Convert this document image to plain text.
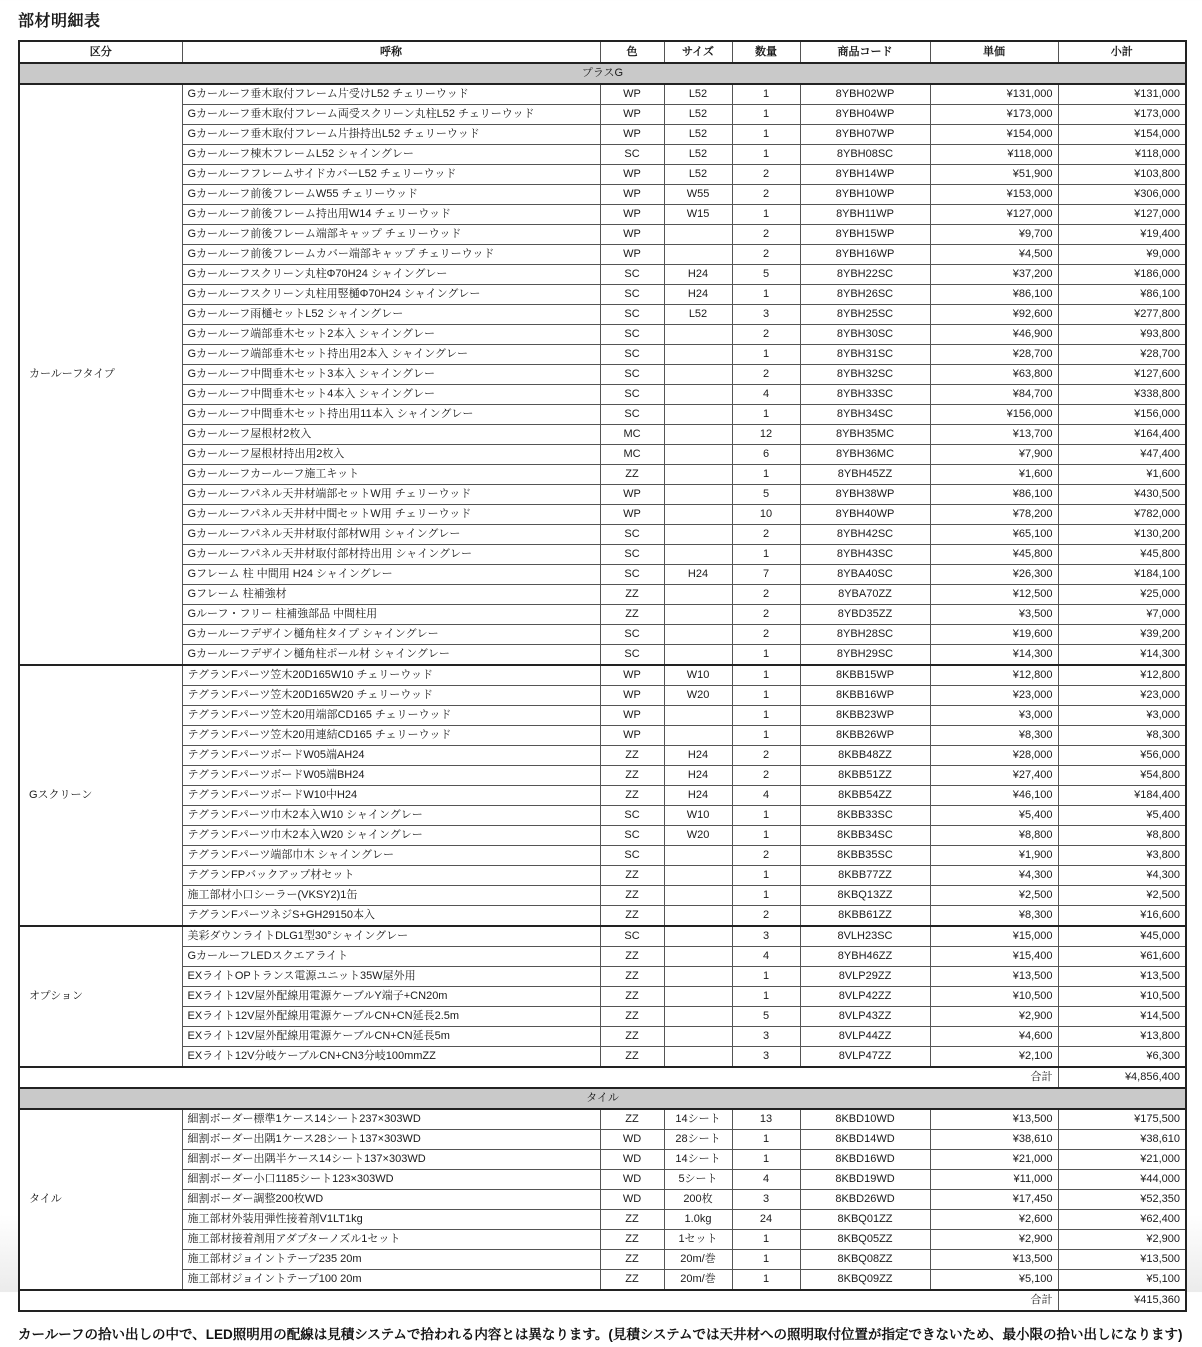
部材明細表
区分	呼称	色	サイズ	数量	商品コード	単価	小計
プラスG							
カールーフタイプ	Gカールーフ垂木取付フレーム片受けL52 チェリーウッド	WP	L52	1	8YBH02WP	¥131,000	¥131,000
	Gカールーフ垂木取付フレーム両受スクリーン丸柱L52 チェリーウッド	WP	L52	1	8YBH04WP	¥173,000	¥173,000
	Gカールーフ垂木取付フレーム片掛持出L52 チェリーウッド	WP	L52	1	8YBH07WP	¥154,000	¥154,000
	Gカールーフ棟木フレームL52 シャイングレー	SC	L52	1	8YBH08SC	¥118,000	¥118,000
	GカールーフフレームサイドカバーL52 チェリーウッド	WP	L52	2	8YBH14WP	¥51,900	¥103,800
	Gカールーフ前後フレームW55 チェリーウッド	WP	W55	2	8YBH10WP	¥153,000	¥306,000
	Gカールーフ前後フレーム持出用W14 チェリーウッド	WP	W15	1	8YBH11WP	¥127,000	¥127,000
	Gカールーフ前後フレーム端部キャップ チェリーウッド	WP		2	8YBH15WP	¥9,700	¥19,400
	Gカールーフ前後フレームカバー端部キャップ チェリーウッド	WP		2	8YBH16WP	¥4,500	¥9,000
	Gカールーフスクリーン丸柱Φ70H24 シャイングレー	SC	H24	5	8YBH22SC	¥37,200	¥186,000
	Gカールーフスクリーン丸柱用竪樋Φ70H24 シャイングレー	SC	H24	1	8YBH26SC	¥86,100	¥86,100
	Gカールーフ雨樋セットL52 シャイングレー	SC	L52	3	8YBH25SC	¥92,600	¥277,800
	Gカールーフ端部垂木セット2本入 シャイングレー	SC		2	8YBH30SC	¥46,900	¥93,800
	Gカールーフ端部垂木セット持出用2本入 シャイングレー	SC		1	8YBH31SC	¥28,700	¥28,700
	Gカールーフ中間垂木セット3本入 シャイングレー	SC		2	8YBH32SC	¥63,800	¥127,600
	Gカールーフ中間垂木セット4本入 シャイングレー	SC		4	8YBH33SC	¥84,700	¥338,800
	Gカールーフ中間垂木セット持出用11本入 シャイングレー	SC		1	8YBH34SC	¥156,000	¥156,000
	Gカールーフ屋根材2枚入	MC		12	8YBH35MC	¥13,700	¥164,400
	Gカールーフ屋根材持出用2枚入	MC		6	8YBH36MC	¥7,900	¥47,400
	Gカールーフカールーフ施工キット	ZZ		1	8YBH45ZZ	¥1,600	¥1,600
	Gカールーフパネル天井材端部セットW用 チェリーウッド	WP		5	8YBH38WP	¥86,100	¥430,500
	Gカールーフパネル天井材中間セットW用 チェリーウッド	WP		10	8YBH40WP	¥78,200	¥782,000
	Gカールーフパネル天井材取付部材W用 シャイングレー	SC		2	8YBH42SC	¥65,100	¥130,200
	Gカールーフパネル天井材取付部材持出用 シャイングレー	SC		1	8YBH43SC	¥45,800	¥45,800
	Gフレーム 柱 中間用 H24 シャイングレー	SC	H24	7	8YBA40SC	¥26,300	¥184,100
	Gフレーム 柱補強材	ZZ		2	8YBA70ZZ	¥12,500	¥25,000
	Gルーフ・フリー 柱補強部品 中間柱用	ZZ		2	8YBD35ZZ	¥3,500	¥7,000
	Gカールーフデザイン樋角柱タイプ シャイングレー	SC		2	8YBH28SC	¥19,600	¥39,200
	Gカールーフデザイン樋角柱ポール材 シャイングレー	SC		1	8YBH29SC	¥14,300	¥14,300
Gスクリーン	テグランFパーツ笠木20D165W10 チェリーウッド	WP	W10	1	8KBB15WP	¥12,800	¥12,800
	テグランFパーツ笠木20D165W20 チェリーウッド	WP	W20	1	8KBB16WP	¥23,000	¥23,000
	テグランFパーツ笠木20用端部CD165 チェリーウッド	WP		1	8KBB23WP	¥3,000	¥3,000
	テグランFパーツ笠木20用連結CD165 チェリーウッド	WP		1	8KBB26WP	¥8,300	¥8,300
	テグランFパーツボードW05端AH24	ZZ	H24	2	8KBB48ZZ	¥28,000	¥56,000
	テグランFパーツボードW05端BH24	ZZ	H24	2	8KBB51ZZ	¥27,400	¥54,800
	テグランFパーツボードW10中H24	ZZ	H24	4	8KBB54ZZ	¥46,100	¥184,400
	テグランFパーツ巾木2本入W10 シャイングレー	SC	W10	1	8KBB33SC	¥5,400	¥5,400
	テグランFパーツ巾木2本入W20 シャイングレー	SC	W20	1	8KBB34SC	¥8,800	¥8,800
	テグランFパーツ端部巾木 シャイングレー	SC		2	8KBB35SC	¥1,900	¥3,800
	テグランFPバックアップ材セット	ZZ		1	8KBB77ZZ	¥4,300	¥4,300
	施工部材小口シーラー(VKSY2)1缶	ZZ		1	8KBQ13ZZ	¥2,500	¥2,500
	テグランFパーツネジS+GH29150本入	ZZ		2	8KBB61ZZ	¥8,300	¥16,600
オプション	美彩ダウンライトDLG1型30°シャイングレー	SC		3	8VLH23SC	¥15,000	¥45,000
	GカールーフLEDスクエアライト	ZZ		4	8YBH46ZZ	¥15,400	¥61,600
	EXライトOPトランス電源ユニット35W屋外用	ZZ		1	8VLP29ZZ	¥13,500	¥13,500
	EXライト12V屋外配線用電源ケーブルY端子+CN20m	ZZ		1	8VLP42ZZ	¥10,500	¥10,500
	EXライト12V屋外配線用電源ケーブルCN+CN延長2.5m	ZZ		5	8VLP43ZZ	¥2,900	¥14,500
	EXライト12V屋外配線用電源ケーブルCN+CN延長5m	ZZ		3	8VLP44ZZ	¥4,600	¥13,800
	EXライト12V分岐ケーブルCN+CN3分岐100mmZZ	ZZ		3	8VLP47ZZ	¥2,100	¥6,300
合計							¥4,856,400
タイル							
タイル	細割ボーダー標準1ケース14シート237×303WD	ZZ	14シート	13	8KBD10WD	¥13,500	¥175,500
	細割ボーダー出隅1ケース28シート137×303WD	WD	28シート	1	8KBD14WD	¥38,610	¥38,610
	細割ボーダー出隅半ケース14シート137×303WD	WD	14シート	1	8KBD16WD	¥21,000	¥21,000
	細割ボーダー小口1185シート123×303WD	WD	5シート	4	8KBD19WD	¥11,000	¥44,000
	細割ボーダー調整200枚WD	WD	200枚	3	8KBD26WD	¥17,450	¥52,350
	施工部材外装用弾性接着剤V1LT1kg	ZZ	1.0kg	24	8KBQ01ZZ	¥2,600	¥62,400
	施工部材接着剤用アダプターノズル1セット	ZZ	1セット	1	8KBQ05ZZ	¥2,900	¥2,900
	施工部材ジョイントテープ235 20m	ZZ	20m/巻	1	8KBQ08ZZ	¥13,500	¥13,500
	施工部材ジョイントテープ100 20m	ZZ	20m/巻	1	8KBQ09ZZ	¥5,100	¥5,100
合計							¥415,360

カールーフの拾い出しの中で、LED照明用の配線は見積システムで拾われる内容とは異なります。(見積システムでは天井材への照明取付位置が指定できないため、最小限の拾い出しになります)
